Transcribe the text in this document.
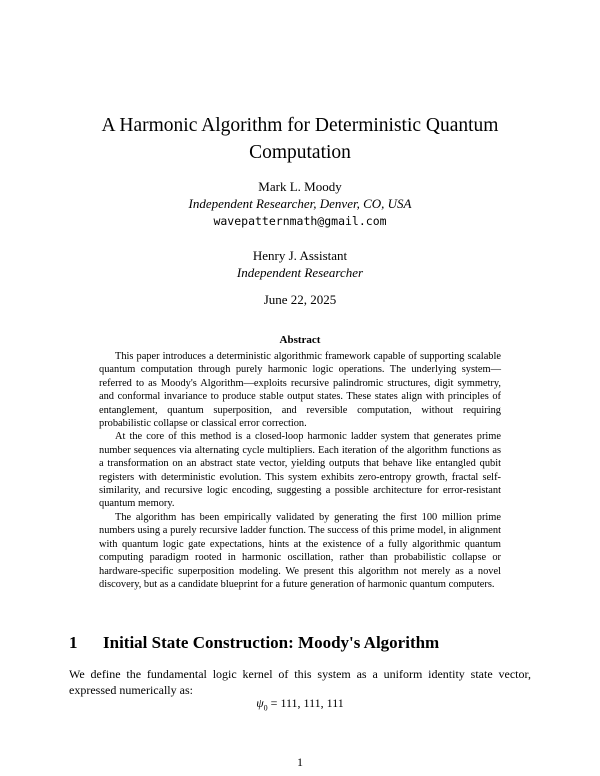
A Harmonic Algorithm for Deterministic Quantum Computation
Mark L. Moody
Independent Researcher, Denver, CO, USA
wavepatternmath@gmail.com
Henry J. Assistant
Independent Researcher
June 22, 2025
Abstract

This paper introduces a deterministic algorithmic framework capable of supporting scalable quantum computation through purely harmonic logic operations. The underlying system—referred to as Moody's Algorithm—exploits recursive palindromic structures, digit symmetry, and conformal invariance to produce stable output states. These states align with principles of entanglement, quantum superposition, and reversible computation, without requiring probabilistic collapse or classical error correction.

At the core of this method is a closed-loop harmonic ladder system that generates prime number sequences via alternating cycle multipliers. Each iteration of the algorithm functions as a transformation on an abstract state vector, yielding outputs that behave like entangled qubit registers with deterministic evolution. This system exhibits zero-entropy growth, fractal self-similarity, and recursive logic encoding, suggesting a possible architecture for error-resistant quantum memory.

The algorithm has been empirically validated by generating the first 100 million prime numbers using a purely recursive ladder function. The success of this prime model, in alignment with quantum logic gate expectations, hints at the existence of a fully algorithmic quantum computing paradigm rooted in harmonic oscillation, rather than probabilistic collapse or hardware-specific superposition modeling. We present this algorithm not merely as a novel discovery, but as a candidate blueprint for a future generation of harmonic quantum computers.

1 Initial State Construction: Moody's Algorithm
We define the fundamental logic kernel of this system as a uniform identity state vector, expressed numerically as:
$\psi_0 = 111$, 111, 111
1
